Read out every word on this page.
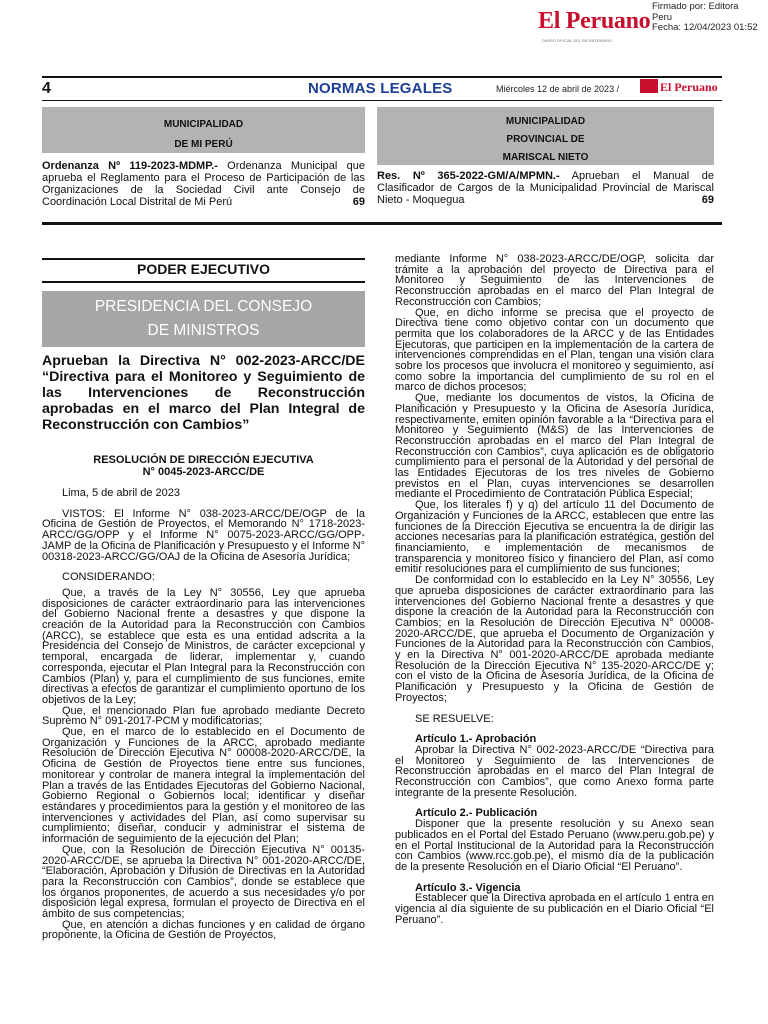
El Peruano
DIARIO OFICIAL DEL BICENTENARIO
Firmado por: Editora
Peru
Fecha: 12/04/2023 01:52
4	NORMAS LEGALES	Miércoles 12 de abril de 2023 /	El Peruano
MUNICIPALIDAD
DE MI PERÚ
MUNICIPALIDAD
PROVINCIAL DE
MARISCAL NIETO
Ordenanza Nº 119-2023-MDMP.- Ordenanza Municipal que aprueba el Reglamento para el Proceso de Participación de las Organizaciones de la Sociedad Civil ante Consejo de Coordinación Local Distrital de Mi Perú	69
Res. Nº 365-2022-GM/A/MPMN.- Aprueban el Manual de Clasificador de Cargos de la Municipalidad Provincial de Mariscal Nieto - Moquegua	69
PODER EJECUTIVO
PRESIDENCIA DEL CONSEJO
DE MINISTROS
Aprueban la Directiva N° 002-2023-ARCC/DE “Directiva para el Monitoreo y Seguimiento de las Intervenciones de Reconstrucción aprobadas en el marco del Plan Integral de Reconstrucción con Cambios”
RESOLUCIÓN DE DIRECCIÓN EJECUTIVA
N° 0045-2023-ARCC/DE

Lima, 5 de abril de 2023

VISTOS: El Informe N° 038-2023-ARCC/DE/OGP de la Oficina de Gestión de Proyectos, el Memorando N° 1718-2023-ARCC/GG/OPP y el Informe N° 0075-2023-ARCC/GG/OPP-JAMP de la Oficina de Planificación y Presupuesto y el Informe N° 00318-2023-ARCC/GG/OAJ de la Oficina de Asesoría Jurídica;

CONSIDERANDO:

Que, a través de la Ley N° 30556, Ley que aprueba disposiciones de carácter extraordinario para las intervenciones del Gobierno Nacional frente a desastres y que dispone la creación de la Autoridad para la Reconstrucción con Cambios (ARCC), se establece que esta es una entidad adscrita a la Presidencia del Consejo de Ministros, de carácter excepcional y temporal, encargada de liderar, implementar y, cuando corresponda, ejecutar el Plan Integral para la Reconstrucción con Cambios (Plan) y, para el cumplimiento de sus funciones, emite directivas a efectos de garantizar el cumplimiento oportuno de los objetivos de la Ley;

Que, el mencionado Plan fue aprobado mediante Decreto Supremo N° 091-2017-PCM y modificatorias;

Que, en el marco de lo establecido en el Documento de Organización y Funciones de la ARCC, aprobado mediante Resolución de Dirección Ejecutiva N° 00008-2020-ARCC/DE, la Oficina de Gestión de Proyectos tiene entre sus funciones, monitorear y controlar de manera integral la implementación del Plan a través de las Entidades Ejecutoras del Gobierno Nacional, Gobierno Regional o Gobiernos local; identificar y diseñar estándares y procedimientos para la gestión y el monitoreo de las intervenciones y actividades del Plan, así como supervisar su cumplimiento; diseñar, conducir y administrar el sistema de información de seguimiento de la ejecución del Plan;

Que, con la Resolución de Dirección Ejecutiva N° 00135-2020-ARCC/DE, se aprueba la Directiva N° 001-2020-ARCC/DE, “Elaboración, Aprobación y Difusión de Directivas en la Autoridad para la Reconstrucción con Cambios”, donde se establece que los órganos proponentes, de acuerdo a sus necesidades y/o por disposición legal expresa, formulan el proyecto de Directiva en el ámbito de sus competencias;

Que, en atención a dichas funciones y en calidad de órgano proponente, la Oficina de Gestión de Proyectos,

mediante Informe N° 038-2023-ARCC/DE/OGP, solicita dar trámite a la aprobación del proyecto de Directiva para el Monitoreo y Seguimiento de las Intervenciones de Reconstrucción aprobadas en el marco del Plan Integral de Reconstrucción con Cambios;

Que, en dicho informe se precisa que el proyecto de Directiva tiene como objetivo contar con un documento que permita que los colaboradores de la ARCC y de las Entidades Ejecutoras, que participen en la implementación de la cartera de intervenciones comprendidas en el Plan, tengan una visión clara sobre los procesos que involucra el monitoreo y seguimiento, así como sobre la importancia del cumplimiento de su rol en el marco de dichos procesos;

Que, mediante los documentos de vistos, la Oficina de Planificación y Presupuesto y la Oficina de Asesoría Jurídica, respectivamente, emiten opinión favorable a la “Directiva para el Monitoreo y Seguimiento (M&S) de las Intervenciones de Reconstrucción aprobadas en el marco del Plan Integral de Reconstrucción con Cambios”, cuya aplicación es de obligatorio cumplimiento para el personal de la Autoridad y del personal de las Entidades Ejecutoras de los tres niveles de Gobierno previstos en el Plan, cuyas intervenciones se desarrollen mediante el Procedimiento de Contratación Pública Especial;

Que, los literales f) y q) del artículo 11 del Documento de Organización y Funciones de la ARCC, establecen que entre las funciones de la Dirección Ejecutiva se encuentra la de dirigir las acciones necesarias para la planificación estratégica, gestión del financiamiento, e implementación de mecanismos de transparencia y monitoreo físico y financiero del Plan, así como emitir resoluciones para el cumplimiento de sus funciones;

De conformidad con lo establecido en la Ley N° 30556, Ley que aprueba disposiciones de carácter extraordinario para las intervenciones del Gobierno Nacional frente a desastres y que dispone la creación de la Autoridad para la Reconstrucción con Cambios; en la Resolución de Dirección Ejecutiva N° 00008-2020-ARCC/DE, que aprueba el Documento de Organización y Funciones de la Autoridad para la Reconstrucción con Cambios, y en la Directiva N° 001-2020-ARCC/DE aprobada mediante Resolución de la Dirección Ejecutiva N° 135-2020-ARCC/DE y; con el visto de la Oficina de Asesoría Jurídica, de la Oficina de Planificación y Presupuesto y la Oficina de Gestión de Proyectos;

SE RESUELVE:

Artículo 1.- Aprobación

Aprobar la Directiva N° 002-2023-ARCC/DE “Directiva para el Monitoreo y Seguimiento de las Intervenciones de Reconstrucción aprobadas en el marco del Plan Integral de Reconstrucción con Cambios”, que como Anexo forma parte integrante de la presente Resolución.

Artículo 2.- Publicación

Disponer que la presente resolución y su Anexo sean publicados en el Portal del Estado Peruano (www.peru.gob.pe) y en el Portal Institucional de la Autoridad para la Reconstrucción con Cambios (www.rcc.gob.pe), el mismo día de la publicación de la presente Resolución en el Diario Oficial “El Peruano”.

Artículo 3.- Vigencia

Establecer que la Directiva aprobada en el artículo 1 entra en vigencia al día siguiente de su publicación en el Diario Oficial “El Peruano”.
